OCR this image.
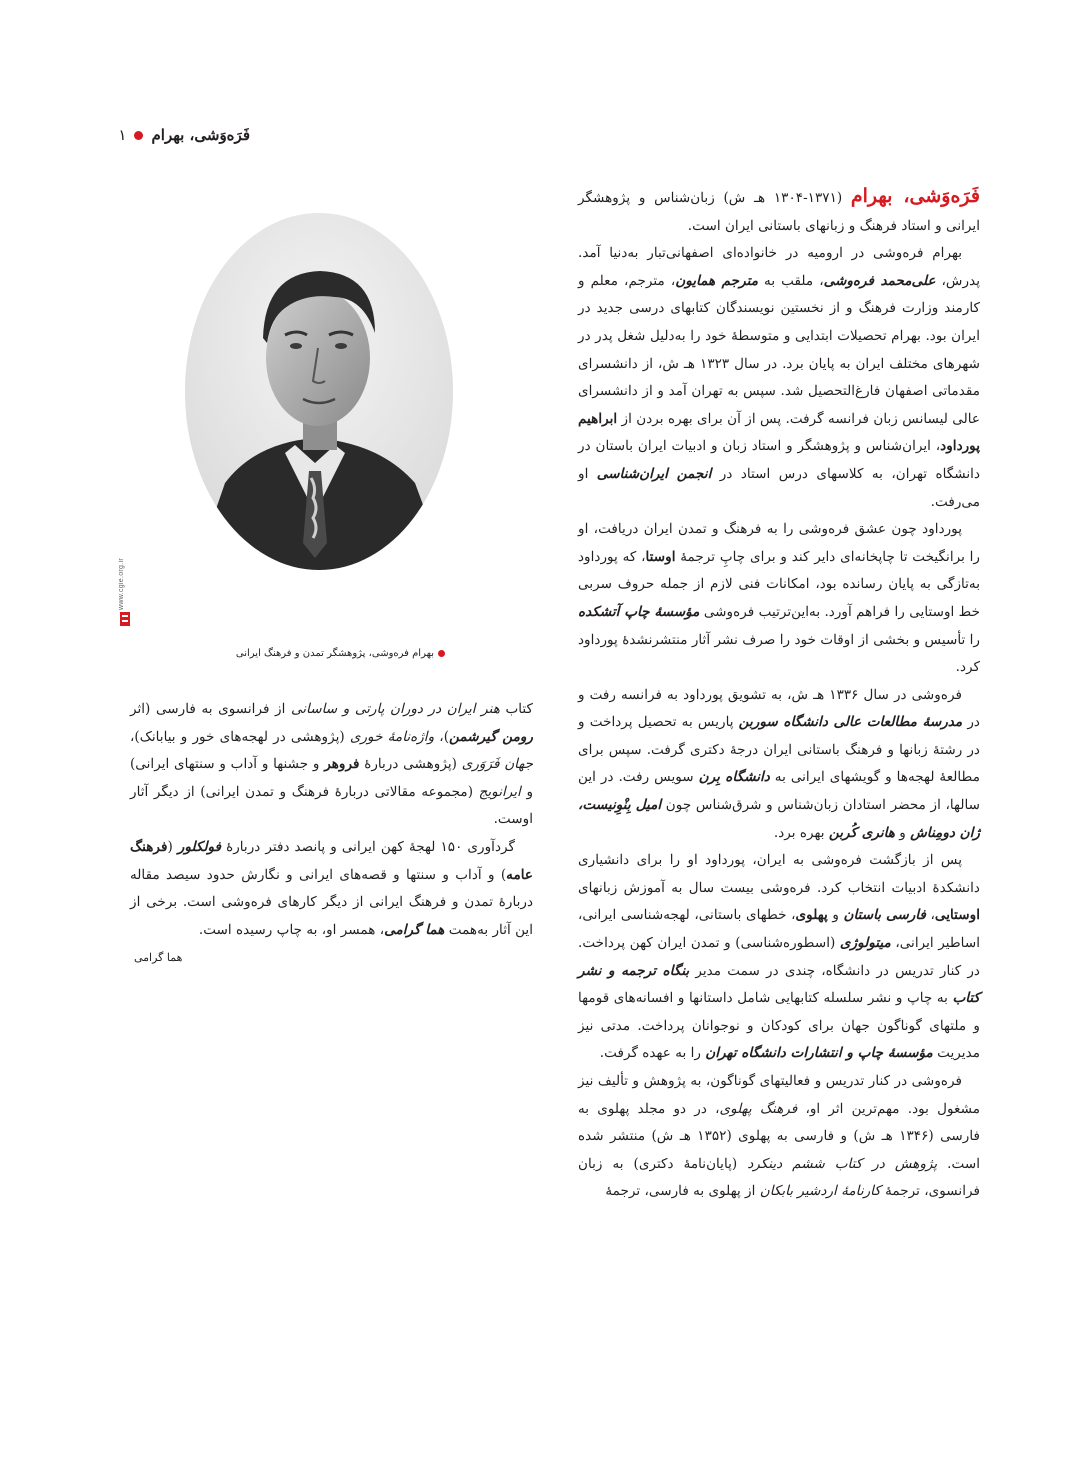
فَرَه‌وَشی، بهرام
۱
www.cgie.org.ir
بهرام فره‌وشی، پژوهشگر تمدن و فرهنگ ایرانی

فَرَه‌وَشی، بهرام (۱۳۷۱-۱۳۰۴ هـ ش) زبان‌شناس و پژوهشگر ایرانی و استاد فرهنگ و زبانهای باستانی ایران است.

بهرام فره‌وشی در ارومیه در خانواده‌ای اصفهانی‌تبار به‌دنیا آمد. پدرش، علی‌محمد فره‌وشی، ملقب به مترجم همایون، مترجم، معلم و کارمند وزارت فرهنگ و از نخستین نویسندگان کتابهای درسی جدید در ایران بود. بهرام تحصیلات ابتدایی و متوسطهٔ خود را به‌دلیل شغل پدر در شهرهای مختلف ایران به پایان برد. در سال ۱۳۲۳ هـ ش، از دانشسرای مقدماتی اصفهان فارغ‌التحصیل شد. سپس به تهران آمد و از دانشسرای عالی لیسانس زبان فرانسه گرفت. پس از آن برای بهره بردن از ابراهیم پورداود، ایران‌شناس و پژوهشگر و استاد زبان و ادبیات ایران باستان در دانشگاه تهران، به کلاسهای درس استاد در انجمن ایران‌شناسی او می‌رفت.

پورداود چون عشق فره‌وشی را به فرهنگ و تمدن ایران دریافت، او را برانگیخت تا چاپخانه‌ای دایر کند و برای چاپِ ترجمهٔ اوستا، که پورداود به‌تازگی به پایان رسانده بود، امکانات فنی لازم از جمله حروف سربی خط اوستایی را فراهم آورد. به‌این‌ترتیب فره‌وشی مؤسسهٔ چاپ آتشکده را تأسیس و بخشی از اوقات خود را صرف نشر آثار منتشرنشدهٔ پورداود کرد.

فره‌وشی در سال ۱۳۳۶ هـ ش، به تشویق پورداود به فرانسه رفت و در مدرسهٔ مطالعات عالی دانشگاه سوربن پاریس به تحصیل پرداخت و در رشتهٔ زبانها و فرهنگ باستانی ایران درجهٔ دکتری گرفت. سپس برای مطالعهٔ لهجه‌ها و گویشهای ایرانی به دانشگاه بِرن سویس رفت. در این سالها، از محضر استادان زبان‌شناس و شرق‌شناس چون امیل بِنْوِنیست، ژان دومِناش و هانری کُربن بهره برد.

پس از بازگشت فره‌وشی به ایران، پورداود او را برای دانشیاری دانشکدهٔ ادبیات انتخاب کرد. فره‌وشی بیست سال به آموزش زبانهای اوستایی، فارسی باستان و پهلوی، خطهای باستانی، لهجه‌شناسی ایرانی، اساطیر ایرانی، میتولوژی (اسطوره‌شناسی) و تمدن ایران کهن پرداخت. در کنار تدریس در دانشگاه، چندی در سمت مدیر بنگاه ترجمه و نشر کتاب به چاپ و نشر سلسله کتابهایی شامل داستانها و افسانه‌های قومها و ملتهای گوناگون جهان برای کودکان و نوجوانان پرداخت. مدتی نیز مدیریت مؤسسهٔ چاپ و انتشارات دانشگاه تهران را به عهده گرفت.

فره‌وشی در کنار تدریس و فعالیتهای گوناگون، به پژوهش و تألیف نیز مشغول بود. مهم‌ترین اثر او، فرهنگ پهلوی، در دو مجلد پهلوی به فارسی (۱۳۴۶ هـ ش) و فارسی به پهلوی (۱۳۵۲ هـ ش) منتشر شده است. پژوهش در کتاب ششم دینکرد (پایان‌نامهٔ دکتری) به زبان فرانسوی، ترجمهٔ کارنامهٔ اردشیر بابکان از پهلوی به فارسی، ترجمهٔ

کتاب هنر ایران در دوران پارتی و ساسانی از فرانسوی به فارسی (اثر رومن گیرشمن)، واژه‌نامهٔ خوری (پژوهشی در لهجه‌های خور و بیابانک)، جهان فَرَوَری (پژوهشی دربارهٔ فروهر و جشنها و آداب و سنتهای ایرانی) و ایرانویج (مجموعه مقالاتی دربارهٔ فرهنگ و تمدن ایرانی) از دیگر آثار اوست.

گردآوری ۱۵۰ لهجهٔ کهن ایرانی و پانصد دفتر دربارهٔ فولکلور (فرهنگ عامه) و آداب و سنتها و قصه‌های ایرانی و نگارش حدود سیصد مقاله دربارهٔ تمدن و فرهنگ ایرانی از دیگر کارهای فره‌وشی است. برخی از این آثار به‌همت هما گرامی، همسر او، به چاپ رسیده است.
هما گرامی
